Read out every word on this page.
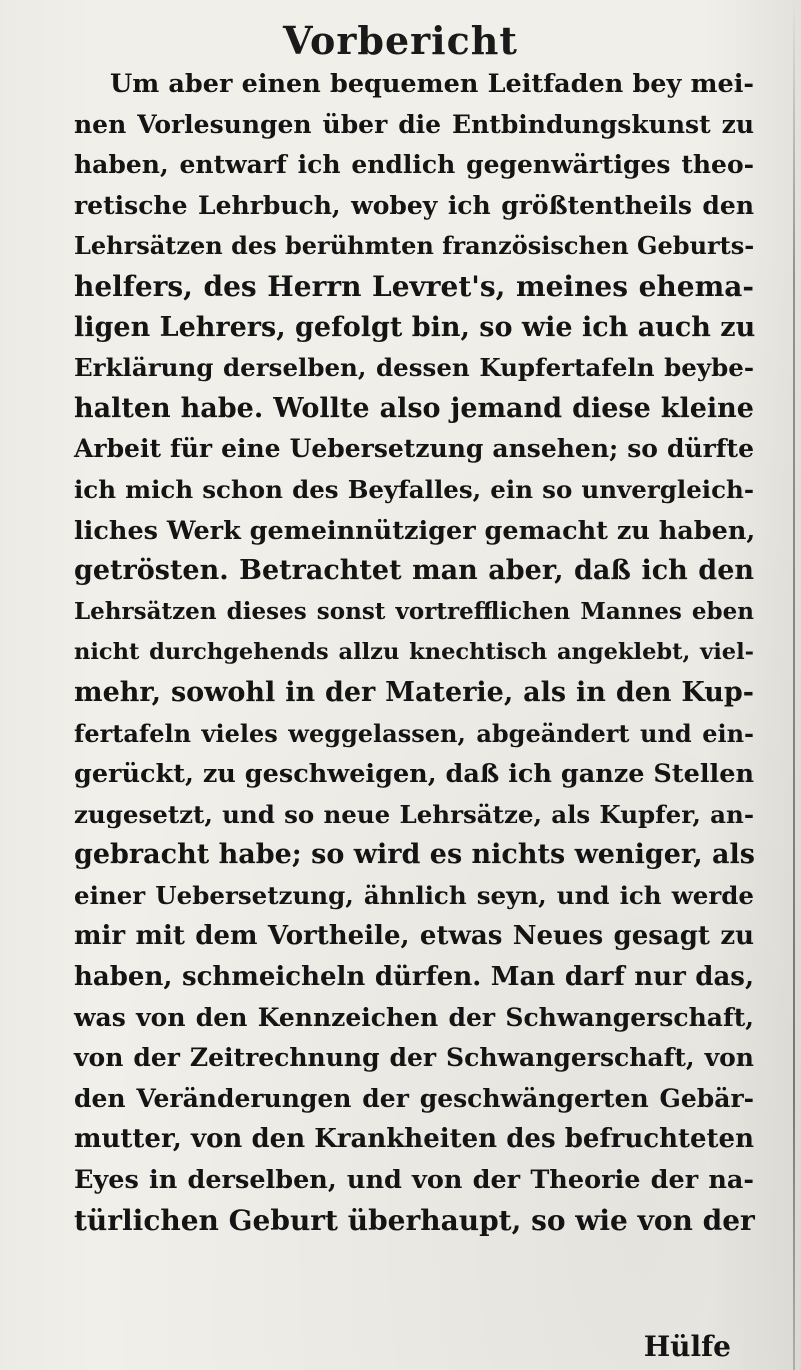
Vorbericht
Um aber einen bequemen Leitfaden bey mei-
nen Vorlesungen über die Entbindungskunst zu
haben, entwarf ich endlich gegenwärtiges theo-
retische Lehrbuch, wobey ich größtentheils den
Lehrsätzen des berühmten französischen Geburts-
helfers, des Herrn Levret's, meines ehema-
ligen Lehrers, gefolgt bin, so wie ich auch zu
Erklärung derselben, dessen Kupfertafeln beybe-
halten habe. Wollte also jemand diese kleine
Arbeit für eine Uebersetzung ansehen; so dürfte
ich mich schon des Beyfalles, ein so unvergleich-
liches Werk gemeinnütziger gemacht zu haben,
getrösten. Betrachtet man aber, daß ich den
Lehrsätzen dieses sonst vortrefflichen Mannes eben
nicht durchgehends allzu knechtisch angeklebt, viel-
mehr, sowohl in der Materie, als in den Kup-
fertafeln vieles weggelassen, abgeändert und ein-
gerückt, zu geschweigen, daß ich ganze Stellen
zugesetzt, und so neue Lehrsätze, als Kupfer, an-
gebracht habe; so wird es nichts weniger, als
einer Uebersetzung, ähnlich seyn, und ich werde
mir mit dem Vortheile, etwas Neues gesagt zu
haben, schmeicheln dürfen. Man darf nur das,
was von den Kennzeichen der Schwangerschaft,
von der Zeitrechnung der Schwangerschaft, von
den Veränderungen der geschwängerten Gebär-
mutter, von den Krankheiten des befruchteten
Eyes in derselben, und von der Theorie der na-
türlichen Geburt überhaupt, so wie von der
Hülfe
